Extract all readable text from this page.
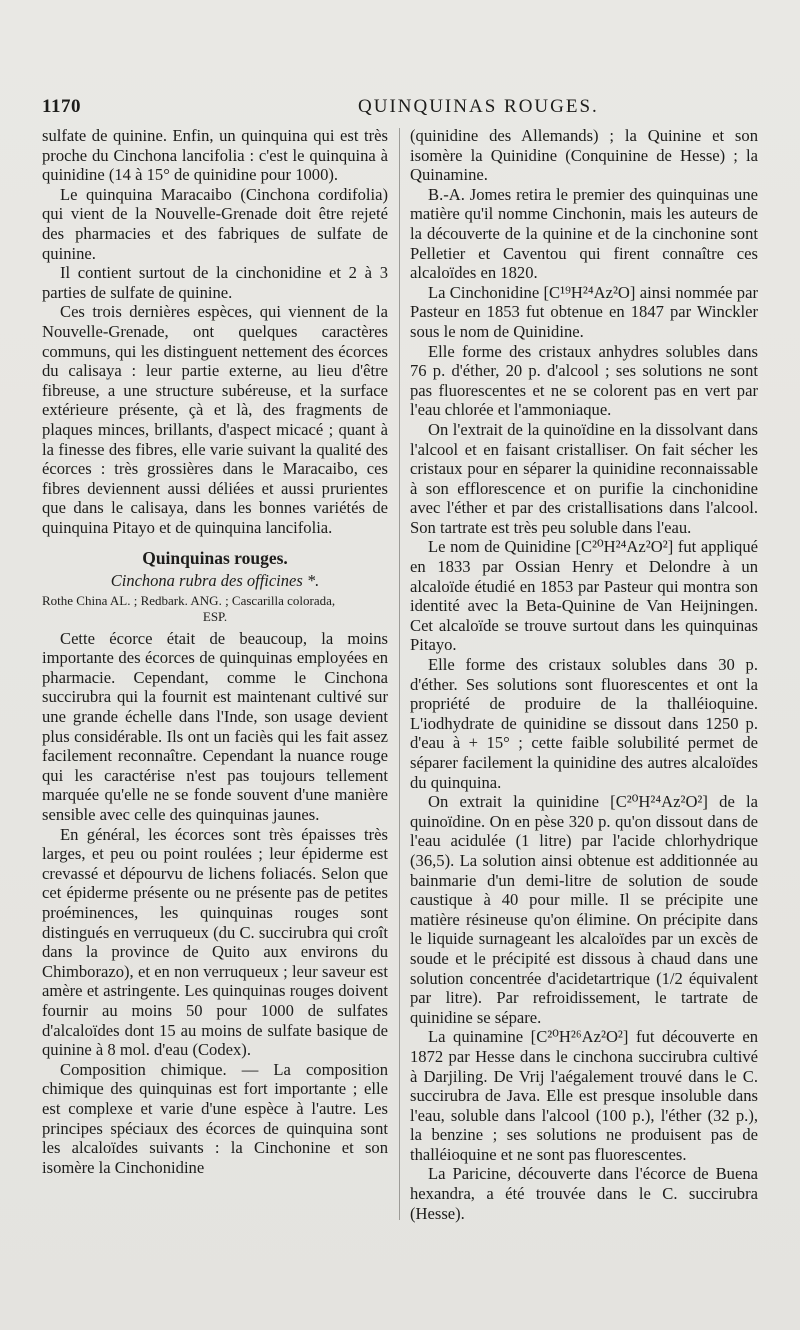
1170	QUINQUINAS ROUGES.

sulfate de quinine. Enfin, un quinquina qui est très proche du Cinchona lancifolia : c'est le quinquina à quinidine (14 à 15° de quinidine pour 1000).

Le quinquina Maracaibo (Cinchona cordifolia) qui vient de la Nouvelle-Grenade doit être rejeté des pharmacies et des fabriques de sulfate de quinine.

Il contient surtout de la cinchonidine et 2 à 3 parties de sulfate de quinine.

Ces trois dernières espèces, qui viennent de la Nouvelle-Grenade, ont quelques caractères communs, qui les distinguent nettement des écorces du calisaya : leur partie externe, au lieu d'être fibreuse, a une structure subéreuse, et la surface extérieure présente, çà et là, des fragments de plaques minces, brillants, d'aspect micacé ; quant à la finesse des fibres, elle varie suivant la qualité des écorces : très grossières dans le Maracaibo, ces fibres deviennent aussi déliées et aussi prurientes que dans le calisaya, dans les bonnes variétés de quinquina Pitayo et de quinquina lancifolia.

Quinquinas rouges.
Cinchona rubra des officines *.
Rothe China AL. ; Redbark. ANG. ; Cascarilla colorada,
ESP.

Cette écorce était de beaucoup, la moins importante des écorces de quinquinas employées en pharmacie. Cependant, comme le Cinchona succirubra qui la fournit est maintenant cultivé sur une grande échelle dans l'Inde, son usage devient plus considérable. Ils ont un faciès qui les fait assez facilement reconnaître. Cependant la nuance rouge qui les caractérise n'est pas toujours tellement marquée qu'elle ne se fonde souvent d'une manière sensible avec celle des quinquinas jaunes.

En général, les écorces sont très épaisses très larges, et peu ou point roulées ; leur épiderme est crevassé et dépourvu de lichens foliacés. Selon que cet épiderme présente ou ne présente pas de petites proéminences, les quinquinas rouges sont distingués en verruqueux (du C. succirubra qui croît dans la province de Quito aux environs du Chimborazo), et en non verruqueux ; leur saveur est amère et astringente. Les quinquinas rouges doivent fournir au moins 50 pour 1000 de sulfates d'alcaloïdes dont 15 au moins de sulfate basique de quinine à 8 mol. d'eau (Codex).

Composition chimique. — La composition chimique des quinquinas est fort importante ; elle est complexe et varie d'une espèce à l'autre. Les principes spéciaux des écorces de quinquina sont les alcaloïdes suivants : la Cinchonine et son isomère la Cinchonidine

(quinidine des Allemands) ; la Quinine et son isomère la Quinidine (Conquinine de Hesse) ; la Quinamine.

B.-A. Jomes retira le premier des quinquinas une matière qu'il nomme Cinchonin, mais les auteurs de la découverte de la quinine et de la cinchonine sont Pelletier et Caventou qui firent connaître ces alcaloïdes en 1820.

La Cinchonidine [C¹⁹H²⁴Az²O] ainsi nommée par Pasteur en 1853 fut obtenue en 1847 par Winckler sous le nom de Quinidine.

Elle forme des cristaux anhydres solubles dans 76 p. d'éther, 20 p. d'alcool ; ses solutions ne sont pas fluorescentes et ne se colorent pas en vert par l'eau chlorée et l'ammoniaque.

On l'extrait de la quinoïdine en la dissolvant dans l'alcool et en faisant cristalliser. On fait sécher les cristaux pour en séparer la quinidine reconnaissable à son efflorescence et on purifie la cinchonidine avec l'éther et par des cristallisations dans l'alcool. Son tartrate est très peu soluble dans l'eau.

Le nom de Quinidine [C²⁰H²⁴Az²O²] fut appliqué en 1833 par Ossian Henry et Delondre à un alcaloïde étudié en 1853 par Pasteur qui montra son identité avec la Beta-Quinine de Van Heijningen. Cet alcaloïde se trouve surtout dans les quinquinas Pitayo.

Elle forme des cristaux solubles dans 30 p. d'éther. Ses solutions sont fluorescentes et ont la propriété de produire de la thalléioquine. L'iodhydrate de quinidine se dissout dans 1250 p. d'eau à + 15° ; cette faible solubilité permet de séparer facilement la quinidine des autres alcaloïdes du quinquina.

On extrait la quinidine [C²⁰H²⁴Az²O²] de la quinoïdine. On en pèse 320 p. qu'on dissout dans de l'eau acidulée (1 litre) par l'acide chlorhydrique (36,5). La solution ainsi obtenue est additionnée au bainmarie d'un demi-litre de solution de soude caustique à 40 pour mille. Il se précipite une matière résineuse qu'on élimine. On précipite dans le liquide surnageant les alcaloïdes par un excès de soude et le précipité est dissous à chaud dans une solution concentrée d'acidetartrique (1/2 équivalent par litre). Par refroidissement, le tartrate de quinidine se sépare.

La quinamine [C²⁰H²⁶Az²O²] fut découverte en 1872 par Hesse dans le cinchona succirubra cultivé à Darjiling. De Vrij l'aégalement trouvé dans le C. succirubra de Java. Elle est presque insoluble dans l'eau, soluble dans l'alcool (100 p.), l'éther (32 p.), la benzine ; ses solutions ne produisent pas de thalléioquine et ne sont pas fluorescentes.

La Paricine, découverte dans l'écorce de Buena hexandra, a été trouvée dans le C. succirubra (Hesse).
